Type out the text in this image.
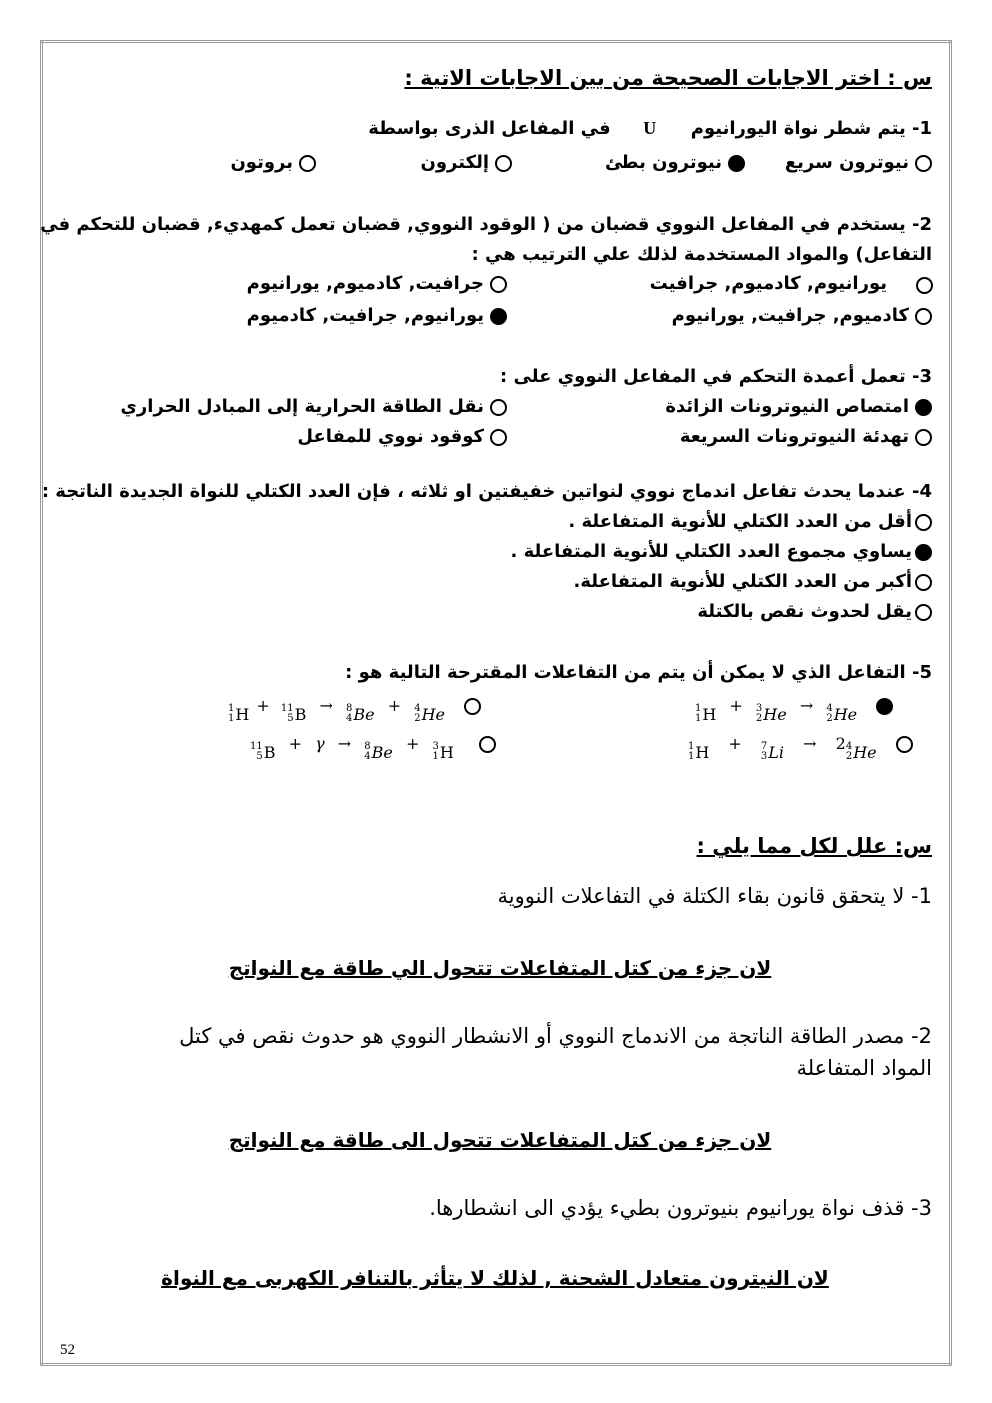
س : اختر الاجابات الصحيحة من بين الاجابات الاتية :
1- يتم شطر نواة اليورانيوم  U  في المفاعل الذرى بواسطة
نيوترون سريع
نيوترون بطئ
إلكترون
بروتون
2- يستخدم في المفاعل النووي قضبان من ( الوقود النووي, قضبان تعمل كمهديء, قضبان للتحكم في
التفاعل) والمواد المستخدمة لذلك علي الترتيب هي :
يورانيوم, كادميوم, جرافيت
جرافيت, كادميوم, يورانيوم
كادميوم, جرافيت, يورانيوم
يورانيوم, جرافيت, كادميوم
3- تعمل أعمدة التحكم في المفاعل النووي على :
امتصاص النيوترونات الزائدة
نقل الطاقة الحرارية إلى المبادل الحراري
تهدئة النيوترونات السريعة
كوقود نووي للمفاعل
4- عندما يحدث تفاعل اندماج نووي لنواتين خفيفتين او ثلاثه ، فإن العدد الكتلي للنواة الجديدة الناتجة :
أقل من العدد الكتلي للأنوية المتفاعلة .
يساوي مجموع العدد الكتلي للأنوية المتفاعلة .
أكبر من العدد الكتلي للأنوية المتفاعلة.
يقل لحدوث نقص بالكتلة
5- التفاعل الذي لا يمكن أن يتم من التفاعلات المقترحة التالية هو :
1
1 H + 3
2 He → 4
2 He

1
1 H + 11
5 B → 8
4 Be + 4
2 He

1
1 H + 7
3 Li → 2 4
2 He

11
5 B + γ → 8
4 Be + 3
1 H

س: علل لكل مما يلي :
1- لا يتحقق قانون بقاء الكتلة في التفاعلات النووية
لان جزء من كتل المتفاعلات تتحول الي طاقة مع النواتج
2- مصدر الطاقة الناتجة من الاندماج النووي أو الانشطار النووي هو حدوث نقص في كتل
المواد المتفاعلة
لان جزء من كتل المتفاعلات تتحول الى طاقة مع النواتج
3- قذف نواة يورانيوم بنيوترون بطيء يؤدي الى انشطارها.
لان النيترون متعادل الشحنة , لذلك لا يتأثر بالتنافر الكهربى مع النواة
52
